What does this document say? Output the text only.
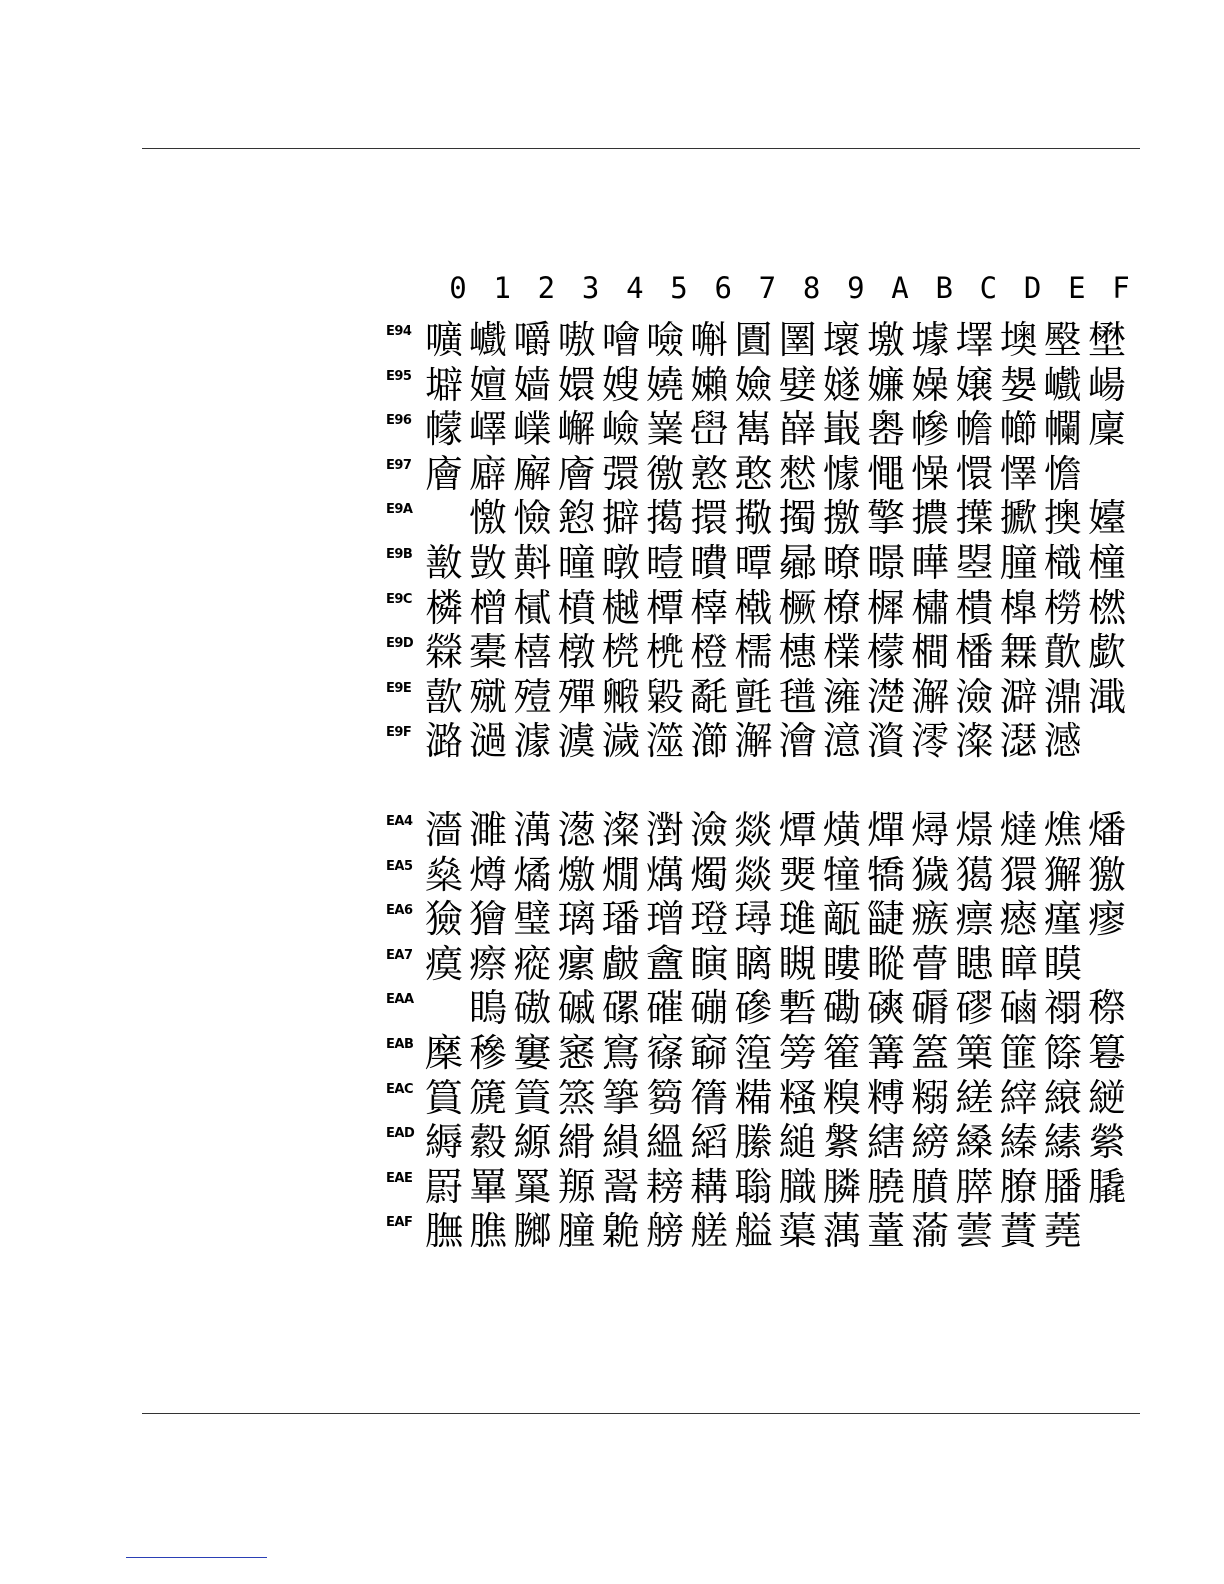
0 1 2 3 4 5 6 7 8 9 A B C D E F
E94 嚝 巇 嚼 嗷 噲 噞 嘝 圚 圛 壞 墽 壉 墿 墺 壂 壄
E95 壀 嬗 嫱 嬛 嫂 嬈 嬾 嬐 嬖 嬘 嬚 嬠 嬢 嫢 巇 崵
E96 幪 嶧 嶫 嶰 嶮 嶪 嶨 嶲 嶭 嶯 嶴 幓 幨 幯 幱 廩
E97 廥 廦 廨 廥 彋 徼 憝 憨 憖 懅 憴 懆 懁 懌 憺
E9A 憿 憸 憌 擗 擖 擐 擏 擉 撽 擎 擃 擛 擨 擙 嬯
E9B 敾 敳 斢 曈 暾 曀 曊 曋 曏 暸 暻 曄 曌 朣 樴 橦
E9C 橉 橧 樲 橨 樾 橝 橭 橶 橛 橑 樨 橚 樻 橰 橯 橪
E9D 檾 橐 橲 橔 橩 橷 橙 檽 橞 檏 檬 橺 橎 橆 歕 歔
E9E 歖 殧 殪 殫 毈 毇 氄 氈 氆 澭 濋 澥 澰 澼 濎 濈
E9F 潞 濄 澽 澞 濊 澨 瀄 澥 澮 澺 澬 澪 澯 濏 澸
EA4 濇 濉 澫 濍 澯 濧 澰 燚 燂 熿 燀 燖 燝 燵 燋 燔
EA5 燊 燇 燏 燩 燗 燤 燭 燚 燛 犝 犞 獩 獦 獧 獬 獥
EA6 獫 獪 璧 璃 璠 璔 璒 璕 璡 甋 疀 瘯 瘭 瘱 瘽 瘳
EA7 瘼 瘵 瘲 瘰 皻 盦 瞚 瞝 瞡 瞜 瞛 瞢 瞣 瞕 瞙
EAA 瞗 磝 磩 磥 磪 磞 磣 磛 磡 磢 磭 磟 磠 禤 穄
EAB 穈 穇 窶 窸 窵 窱 窷 篞 篣 篧 篝 篕 篥 篚 篨 篹
EAC 篔 篪 篢 篜 篫 篘 篟 糒 糔 糗 糐 糑 縒 縡 縗 縌
EAD 縟 縠 縓 縎 縜 縕 縚 縢 縋 縏 縖 縍 縔 縥 縤 縈
EAE 罻 罼 罺 羱 翯 耪 耩 聬 膱 膦 膮 膹 膵 膫 膰 膬
EAF 膴 膲 膷 膧 臲 艕 艖 艗 蕖 蕅 蕫 蕍 蕓 蕡 蕘
